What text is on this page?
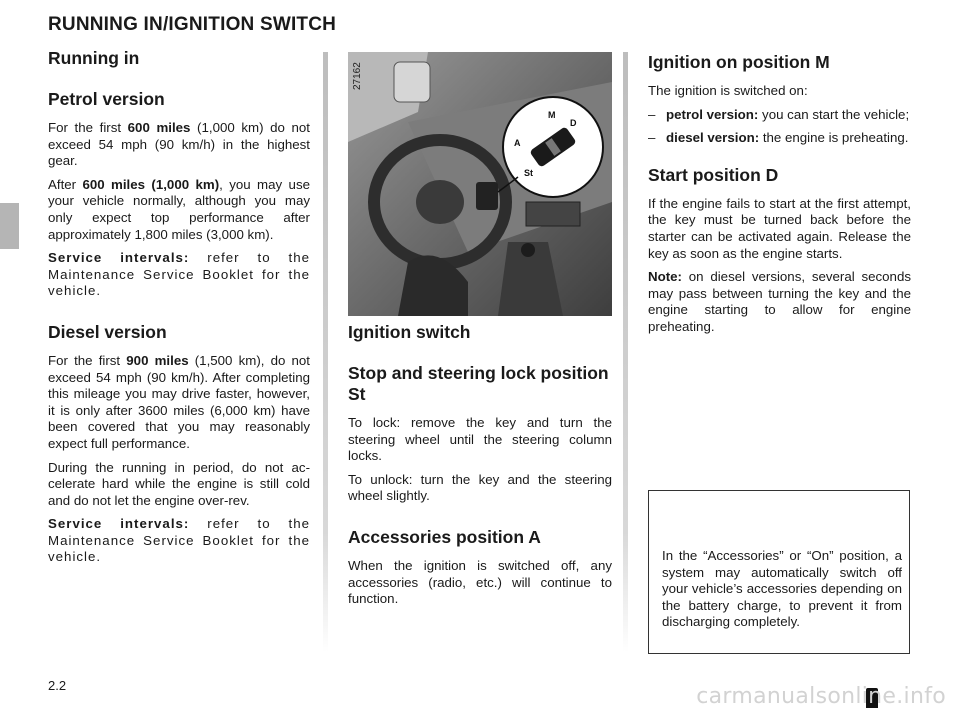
RUNNING IN/IGNITION SWITCH
Running in
Petrol version

For the first 600 miles (1,000 km) do not exceed 54 mph (90 km/h) in the highest gear.

After 600 miles (1,000 km), you may use your vehicle normally, although you may only expect top performance after approximately 1,800 miles (3,000 km).

Service intervals: refer to the Maintenance Service Booklet for the vehicle.

Diesel version

For the first 900 miles (1,500 km), do not exceed 54 mph (90 km/h). After completing this mileage you may drive faster, however, it is only after 3600 miles (6,000 km) have been covered that you may reasonably expect full performance.

During the running in period, do not accelerate hard while the engine is still cold and do not let the engine over-rev.

Service intervals: refer to the Maintenance Service Booklet for the vehicle.

M
D
A
St
27162
Ignition switch
Stop and steering lock position St

To lock: remove the key and turn the steering wheel until the steering column locks.

To unlock: turn the key and the steering wheel slightly.

Accessories position A

When the ignition is switched off, any accessories (radio, etc.) will continue to function.

Ignition on position M

The ignition is switched on:

– petrol version: you can start the vehicle;
– diesel version: the engine is preheating.
Start position D

If the engine fails to start at the first attempt, the key must be turned back before the starter can be activated again. Release the key as soon as the engine starts.

Note: on diesel versions, several seconds may pass between turning the key and the engine starting to allow for engine preheating.

In the “Accessories” or “On” position, a system may automatically switch off your vehicle’s accessories depending on the battery charge, to prevent it from discharging completely.
2.2	carmanualsonline.info
